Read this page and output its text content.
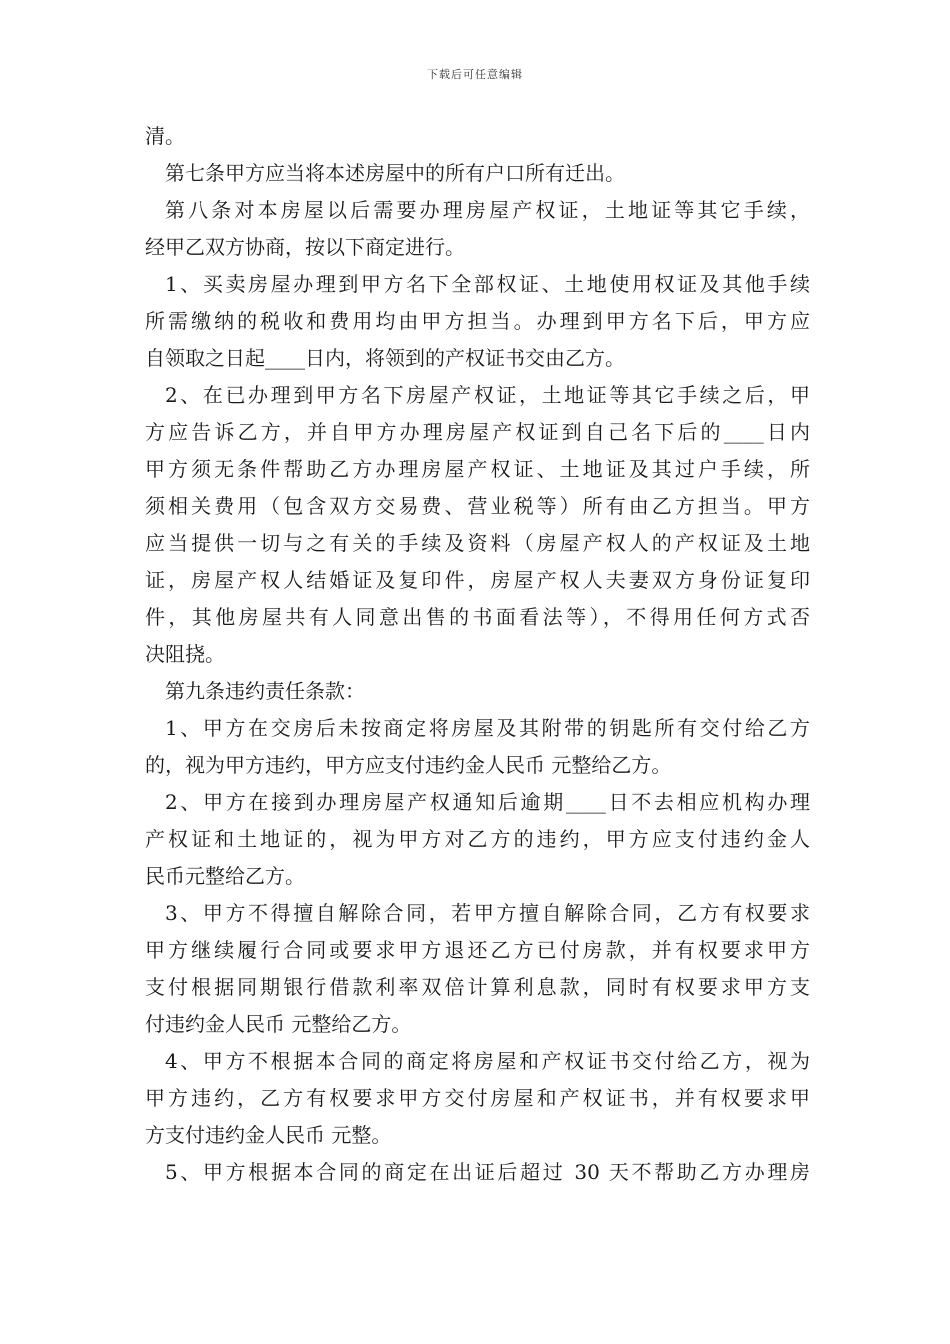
下载后可任意编辑
清。
第七条甲方应当将本述房屋中的所有户口所有迁出。
第八条对本房屋以后需要办理房屋产权证，土地证等其它手续，
经甲乙双方协商，按以下商定进行。
1、买卖房屋办理到甲方名下全部权证、土地使用权证及其他手续
所需缴纳的税收和费用均由甲方担当。办理到甲方名下后，甲方应
自领取之日起____日内，将领到的产权证书交由乙方。
2、在已办理到甲方名下房屋产权证，土地证等其它手续之后，甲
方应告诉乙方，并自甲方办理房屋产权证到自己名下后的____日内
甲方须无条件帮助乙方办理房屋产权证、土地证及其过户手续，所
须相关费用（包含双方交易费、营业税等）所有由乙方担当。甲方
应当提供一切与之有关的手续及资料（房屋产权人的产权证及土地
证，房屋产权人结婚证及复印件，房屋产权人夫妻双方身份证复印
件，其他房屋共有人同意出售的书面看法等），不得用任何方式否
决阻挠。
第九条违约责任条款：
1、甲方在交房后未按商定将房屋及其附带的钥匙所有交付给乙方
的，视为甲方违约，甲方应支付违约金人民币 元整给乙方。
2、甲方在接到办理房屋产权通知后逾期____日不去相应机构办理
产权证和土地证的，视为甲方对乙方的违约，甲方应支付违约金人
民币元整给乙方。
3、甲方不得擅自解除合同，若甲方擅自解除合同，乙方有权要求
甲方继续履行合同或要求甲方退还乙方已付房款，并有权要求甲方
支付根据同期银行借款利率双倍计算利息款，同时有权要求甲方支
付违约金人民币 元整给乙方。
4、甲方不根据本合同的商定将房屋和产权证书交付给乙方，视为
甲方违约，乙方有权要求甲方交付房屋和产权证书，并有权要求甲
方支付违约金人民币 元整。
5、甲方根据本合同的商定在出证后超过 30 天不帮助乙方办理房
